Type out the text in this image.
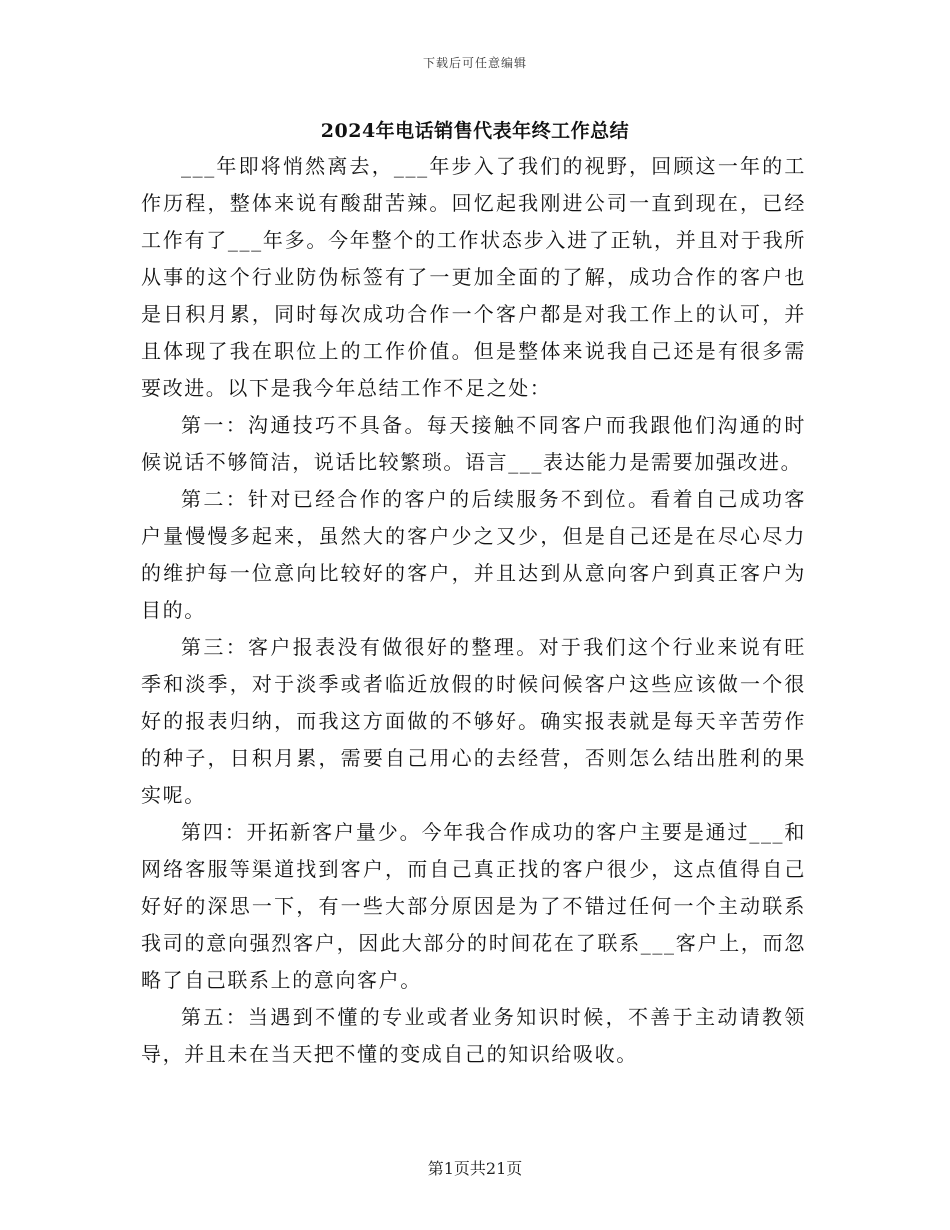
下载后可任意编辑
2024年电话销售代表年终工作总结

___年即将悄然离去，___年步入了我们的视野，回顾这一年的工作历程，整体来说有酸甜苦辣。回忆起我刚进公司一直到现在，已经工作有了___年多。今年整个的工作状态步入进了正轨，并且对于我所从事的这个行业防伪标签有了一更加全面的了解，成功合作的客户也是日积月累，同时每次成功合作一个客户都是对我工作上的认可，并且体现了我在职位上的工作价值。但是整体来说我自己还是有很多需要改进。以下是我今年总结工作不足之处：

第一：沟通技巧不具备。每天接触不同客户而我跟他们沟通的时候说话不够简洁，说话比较繁琐。语言___表达能力是需要加强改进。

第二：针对已经合作的客户的后续服务不到位。看着自己成功客户量慢慢多起来，虽然大的客户少之又少，但是自己还是在尽心尽力的维护每一位意向比较好的客户，并且达到从意向客户到真正客户为目的。

第三：客户报表没有做很好的整理。对于我们这个行业来说有旺季和淡季，对于淡季或者临近放假的时候问候客户这些应该做一个很好的报表归纳，而我这方面做的不够好。确实报表就是每天辛苦劳作的种子，日积月累，需要自己用心的去经营，否则怎么结出胜利的果实呢。

第四：开拓新客户量少。今年我合作成功的客户主要是通过___和网络客服等渠道找到客户，而自己真正找的客户很少，这点值得自己好好的深思一下，有一些大部分原因是为了不错过任何一个主动联系我司的意向强烈客户，因此大部分的时间花在了联系___客户上，而忽略了自己联系上的意向客户。

第五：当遇到不懂的专业或者业务知识时候，不善于主动请教领导，并且未在当天把不懂的变成自己的知识给吸收。

第1页共21页
